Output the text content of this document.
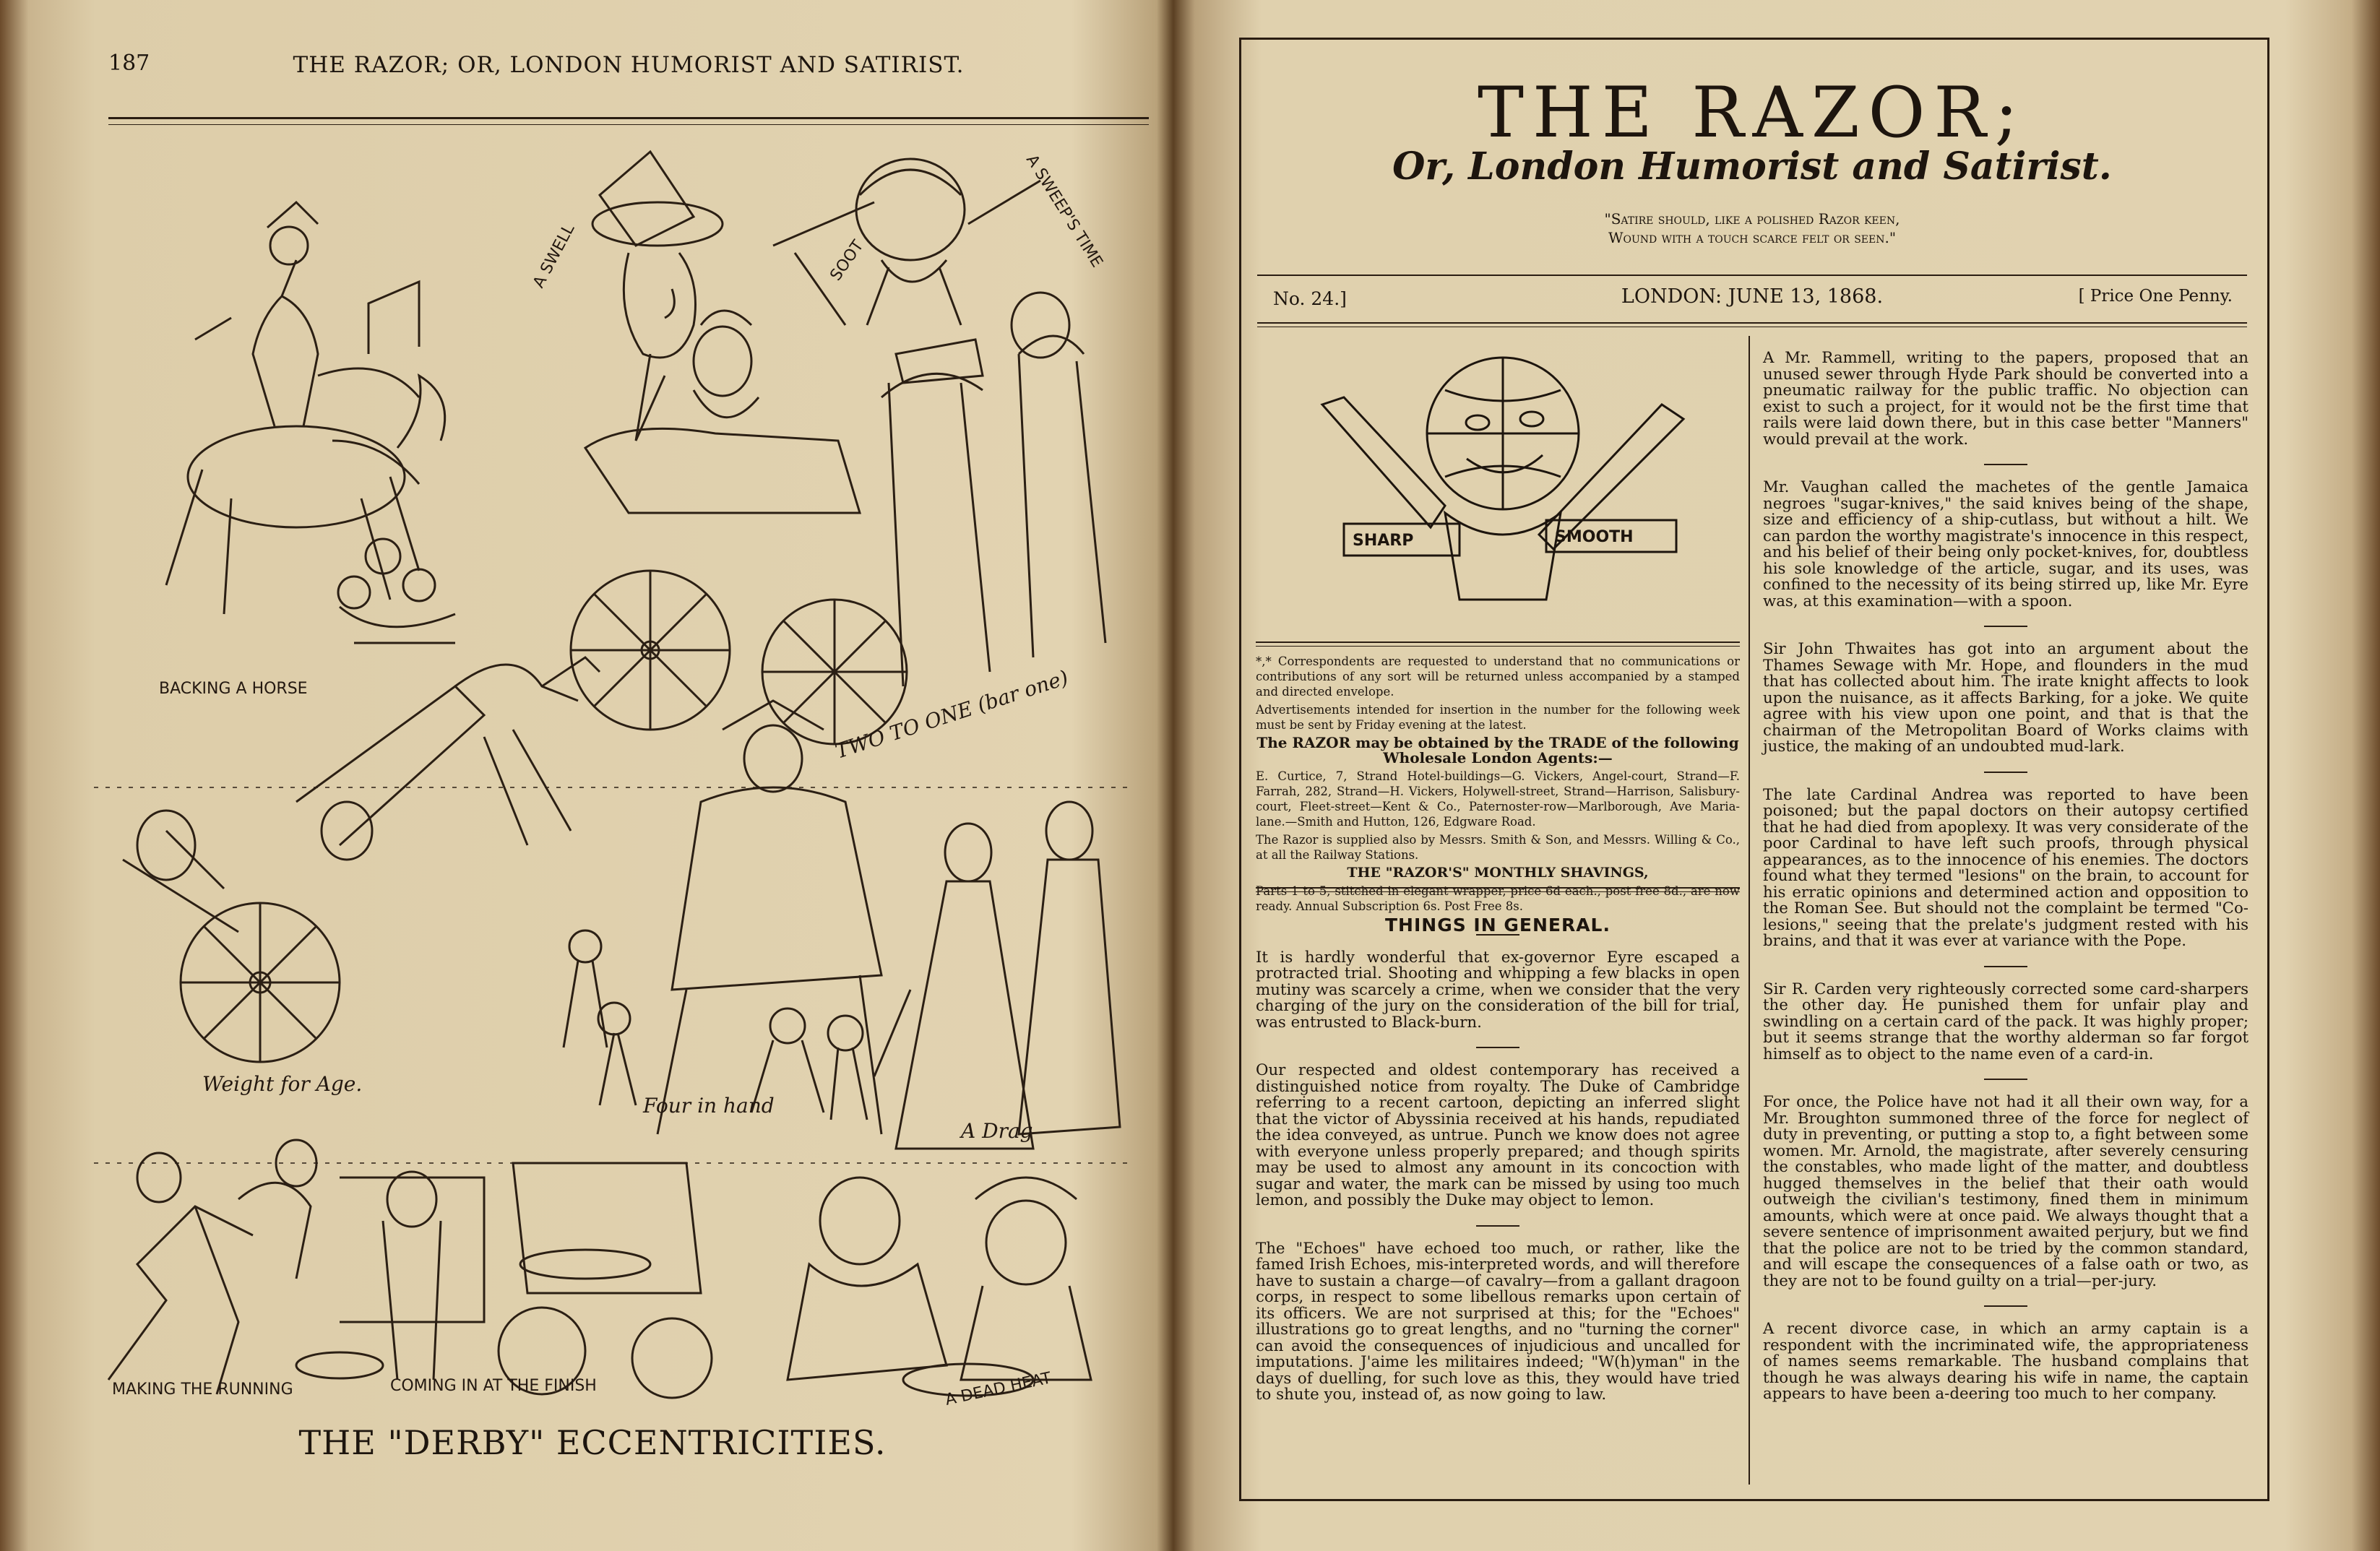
187	THE RAZOR; OR, LONDON HUMORIST AND SATIRIST.
BACKING A HORSE
A SWELL	SOOT	A SWEEP'S TIME
TWO TO ONE (bar one)
Weight for Age.
Four in hand
A Drag
MAKING THE RUNNING	COMING IN AT THE FINISH	A DEAD HEAT
THE "DERBY" ECCENTRICITIES.
THE RAZOR;
Or, London Humorist and Satirist.
"Satire should, like a polished Razor keen,
Wound with a touch scarce felt or seen."
No. 24.]	LONDON: JUNE 13, 1868.	[ Price One Penny.
SHARP	SMOOTH

*,* Correspondents are requested to understand that no communications or contributions of any sort will be returned unless accompanied by a stamped and directed envelope.

Advertisements intended for insertion in the number for the following week must be sent by Friday evening at the latest.

The RAZOR may be obtained by the TRADE of the following Wholesale London Agents:—

E. Curtice, 7, Strand Hotel-buildings—G. Vickers, Angel-court, Strand—F. Farrah, 282, Strand—H. Vickers, Holywell-street, Strand—Harrison, Salisbury-court, Fleet-street—Kent & Co., Paternoster-row—Marlborough, Ave Maria-lane.—Smith and Hutton, 126, Edgware Road.

The Razor is supplied also by Messrs. Smith & Son, and Messrs. Willing & Co., at all the Railway Stations.

THE "RAZOR'S" MONTHLY SHAVINGS,

Parts 1 to 5, stitched in elegant wrapper, price 6d each., post free 8d., are now ready. Annual Subscription 6s. Post Free 8s.

THINGS IN GENERAL.

It is hardly wonderful that ex-governor Eyre escaped a protracted trial. Shooting and whipping a few blacks in open mutiny was scarcely a crime, when we consider that the very charging of the jury on the consideration of the bill for trial, was entrusted to Black-burn.

Our respected and oldest contemporary has received a distinguished notice from royalty. The Duke of Cambridge referring to a recent cartoon, depicting an inferred slight that the victor of Abyssinia received at his hands, repudiated the idea conveyed, as untrue. Punch we know does not agree with everyone unless properly prepared; and though spirits may be used to almost any amount in its concoction with sugar and water, the mark can be missed by using too much lemon, and possibly the Duke may object to lemon.

The "Echoes" have echoed too much, or rather, like the famed Irish Echoes, mis-interpreted words, and will therefore have to sustain a charge—of cavalry—from a gallant dragoon corps, in respect to some libellous remarks upon certain of its officers. We are not surprised at this; for the "Echoes" illustrations go to great lengths, and no "turning the corner" can avoid the consequences of injudicious and uncalled for imputations. J'aime les militaires indeed; "W(h)yman" in the days of duelling, for such love as this, they would have tried to shute you, instead of, as now going to law.

A Mr. Rammell, writing to the papers, proposed that an unused sewer through Hyde Park should be converted into a pneumatic railway for the public traffic. No objection can exist to such a project, for it would not be the first time that rails were laid down there, but in this case better "Manners" would prevail at the work.

Mr. Vaughan called the machetes of the gentle Jamaica negroes "sugar-knives," the said knives being of the shape, size and efficiency of a ship-cutlass, but without a hilt. We can pardon the worthy magistrate's innocence in this respect, and his belief of their being only pocket-knives, for, doubtless his sole knowledge of the article, sugar, and its uses, was confined to the necessity of its being stirred up, like Mr. Eyre was, at this examination—with a spoon.

Sir John Thwaites has got into an argument about the Thames Sewage with Mr. Hope, and flounders in the mud that has collected about him. The irate knight affects to look upon the nuisance, as it affects Barking, for a joke. We quite agree with his view upon one point, and that is that the chairman of the Metropolitan Board of Works claims with justice, the making of an undoubted mud-lark.

The late Cardinal Andrea was reported to have been poisoned; but the papal doctors on their autopsy certified that he had died from apoplexy. It was very considerate of the poor Cardinal to have left such proofs, through physical appearances, as to the innocence of his enemies. The doctors found what they termed "lesions" on the brain, to account for his erratic opinions and determined action and opposition to the Roman See. But should not the complaint be termed "Co-lesions," seeing that the prelate's judgment rested with his brains, and that it was ever at variance with the Pope.

Sir R. Carden very righteously corrected some card-sharpers the other day. He punished them for unfair play and swindling on a certain card of the pack. It was highly proper; but it seems strange that the worthy alderman so far forgot himself as to object to the name even of a card-in.

For once, the Police have not had it all their own way, for a Mr. Broughton summoned three of the force for neglect of duty in preventing, or putting a stop to, a fight between some women. Mr. Arnold, the magistrate, after severely censuring the constables, who made light of the matter, and doubtless hugged themselves in the belief that their oath would outweigh the civilian's testimony, fined them in minimum amounts, which were at once paid. We always thought that a severe sentence of imprisonment awaited perjury, but we find that the police are not to be tried by the common standard, and will escape the consequences of a false oath or two, as they are not to be found guilty on a trial—per-jury.

A recent divorce case, in which an army captain is a respondent with the incriminated wife, the appropriateness of names seems remarkable. The husband complains that though he was always dearing his wife in name, the captain appears to have been a-deering too much to her company.
